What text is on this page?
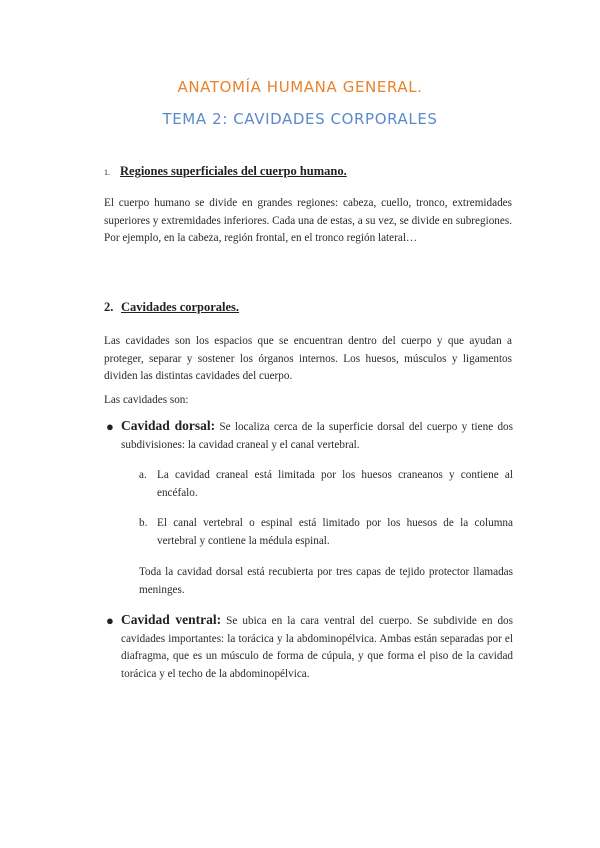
ANATOMÍA HUMANA GENERAL.
TEMA 2: CAVIDADES CORPORALES
1. Regiones superficiales del cuerpo humano.

El cuerpo humano se divide en grandes regiones: cabeza, cuello, tronco, extremidades superiores y extremidades inferiores. Cada una de estas, a su vez, se divide en subregiones. Por ejemplo, en la cabeza, región frontal, en el tronco región lateral…

2. Cavidades corporales.

Las cavidades son los espacios que se encuentran dentro del cuerpo y que ayudan a proteger, separar y sostener los órganos internos. Los huesos, músculos y ligamentos dividen las distintas cavidades del cuerpo.

Las cavidades son:

● Cavidad dorsal: Se localiza cerca de la superficie dorsal del cuerpo y tiene dos subdivisiones: la cavidad craneal y el canal vertebral.

a. La cavidad craneal está limitada por los huesos craneanos y contiene al encéfalo.

b. El canal vertebral o espinal está limitado por los huesos de la columna vertebral y contiene la médula espinal.

Toda la cavidad dorsal está recubierta por tres capas de tejido protector llamadas meninges.

● Cavidad ventral: Se ubica en la cara ventral del cuerpo. Se subdivide en dos cavidades importantes: la torácica y la abdominopélvica. Ambas están separadas por el diafragma, que es un músculo de forma de cúpula, y que forma el piso de la cavidad torácica y el techo de la abdominopélvica.
